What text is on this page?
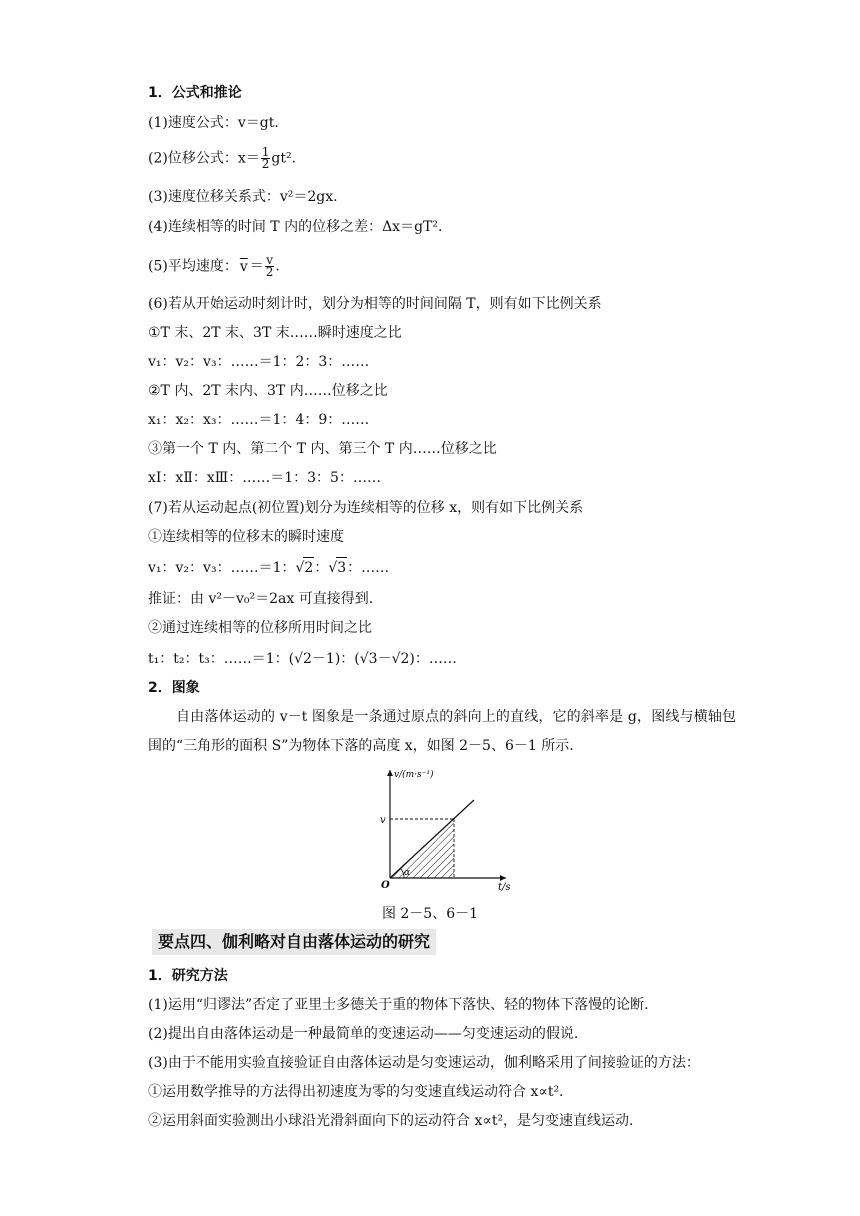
1．公式和推论
(1)速度公式：v＝gt.
(2)位移公式：$x= \frac{1}{2} gt^2$.
(3)速度位移关系式：v²＝2gx.
(4)连续相等的时间 T 内的位移之差：Δx＝gT².
(5)平均速度： $\overline{v} = \frac{v}{2}$ .
(6)若从开始运动时刻计时，划分为相等的时间间隔 T，则有如下比例关系
①T 末、2T 末、3T 末……瞬时速度之比
v₁：v₂：v₃：……＝1：2：3：……
②T 内、2T 末内、3T 内……位移之比
x₁：x₂：x₃：……＝1：4：9：……
③第一个 T 内、第二个 T 内、第三个 T 内……位移之比
xⅠ：xⅡ：xⅢ：……＝1：3：5：……
(7)若从运动起点(初位置)划分为连续相等的位移 x，则有如下比例关系
①连续相等的位移末的瞬时速度
v₁：v₂：v₃：……＝1：√2：√3：……
推证：由 v²－v₀²＝2ax 可直接得到.
②通过连续相等的位移所用时间之比
t₁：t₂：t₃：……＝1：(√2－1)：(√3－√2)：……
2．图象
自由落体运动的 v－t 图象是一条通过原点的斜向上的直线，它的斜率是 g，图线与横轴包围的“三角形的面积 S”为物体下落的高度 x，如图 2－5、6－1 所示.
v/(m·s⁻¹)
t/s
v
O
α
图 2－5、6－1
要点四、伽利略对自由落体运动的研究
1．研究方法
(1)运用“归谬法”否定了亚里士多德关于重的物体下落快、轻的物体下落慢的论断.
(2)提出自由落体运动是一种最简单的变速运动——匀变速运动的假说.
(3)由于不能用实验直接验证自由落体运动是匀变速运动，伽利略采用了间接验证的方法：
①运用数学推导的方法得出初速度为零的匀变速直线运动符合 x∝t².
②运用斜面实验测出小球沿光滑斜面向下的运动符合 x∝t²，是匀变速直线运动.
